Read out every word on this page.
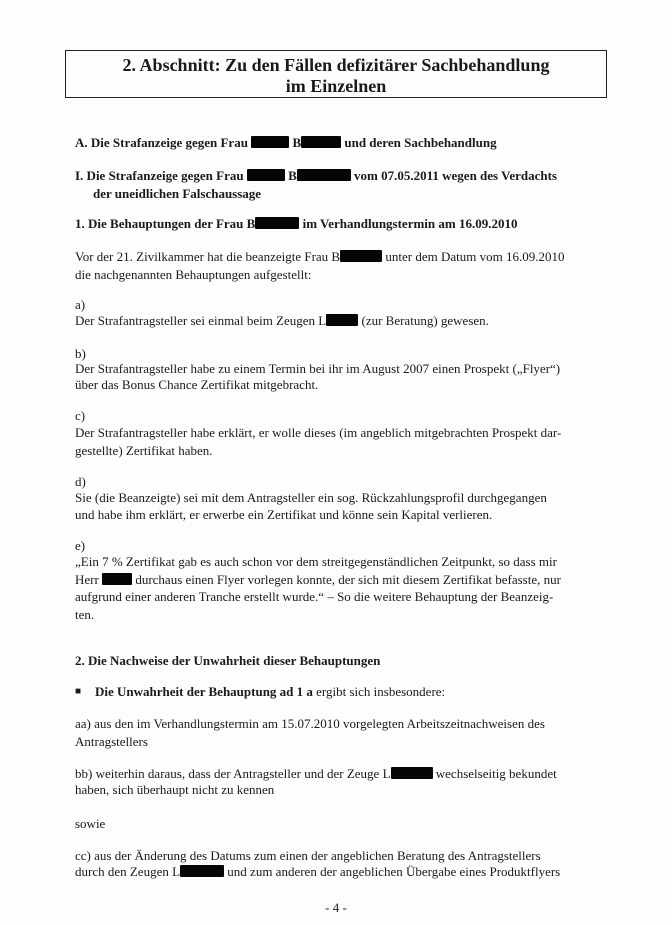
2. Abschnitt: Zu den Fällen defizitärer Sachbehandlung
im Einzelnen
A. Die Strafanzeige gegen Frau	B	und deren Sachbehandlung
I. Die Strafanzeige gegen Frau	B	vom 07.05.2011 wegen des Verdachts
der uneidlichen Falschaussage
1. Die Behauptungen der Frau B	im Verhandlungstermin am 16.09.2010
Vor der 21. Zivilkammer hat die beanzeigte Frau B	unter dem Datum vom 16.09.2010
die nachgenannten Behauptungen aufgestellt:
a)
Der Strafantragsteller sei einmal beim Zeugen L (zur Beratung) gewesen.
b)
Der Strafantragsteller habe zu einem Termin bei ihr im August 2007 einen Prospekt („Flyer“)
über das Bonus Chance Zertifikat mitgebracht.
c)
Der Strafantragsteller habe erklärt, er wolle dieses (im angeblich mitgebrachten Prospekt dar-
gestellte) Zertifikat haben.
d)
Sie (die Beanzeigte) sei mit dem Antragsteller ein sog. Rückzahlungsprofil durchgegangen
und habe ihm erklärt, er erwerbe ein Zertifikat und könne sein Kapital verlieren.
e)
„Ein 7 % Zertifikat gab es auch schon vor dem streitgegenständlichen Zeitpunkt, so dass mir
Herr	durchaus einen Flyer vorlegen konnte, der sich mit diesem Zertifikat befasste, nur
aufgrund einer anderen Tranche erstellt wurde.“ – So die weitere Behauptung der Beanzeig-
ten.
2. Die Nachweise der Unwahrheit dieser Behauptungen
■ Die Unwahrheit der Behauptung ad 1 a ergibt sich insbesondere:
aa) aus den im Verhandlungstermin am 15.07.2010 vorgelegten Arbeitszeitnachweisen des
Antragstellers
bb) weiterhin daraus, dass der Antragsteller und der Zeuge L	wechselseitig bekundet
haben, sich überhaupt nicht zu kennen
sowie
cc) aus der Änderung des Datums zum einen der angeblichen Beratung des Antragstellers
durch den Zeugen L	und zum anderen der angeblichen Übergabe eines Produktflyers
- 4 -
